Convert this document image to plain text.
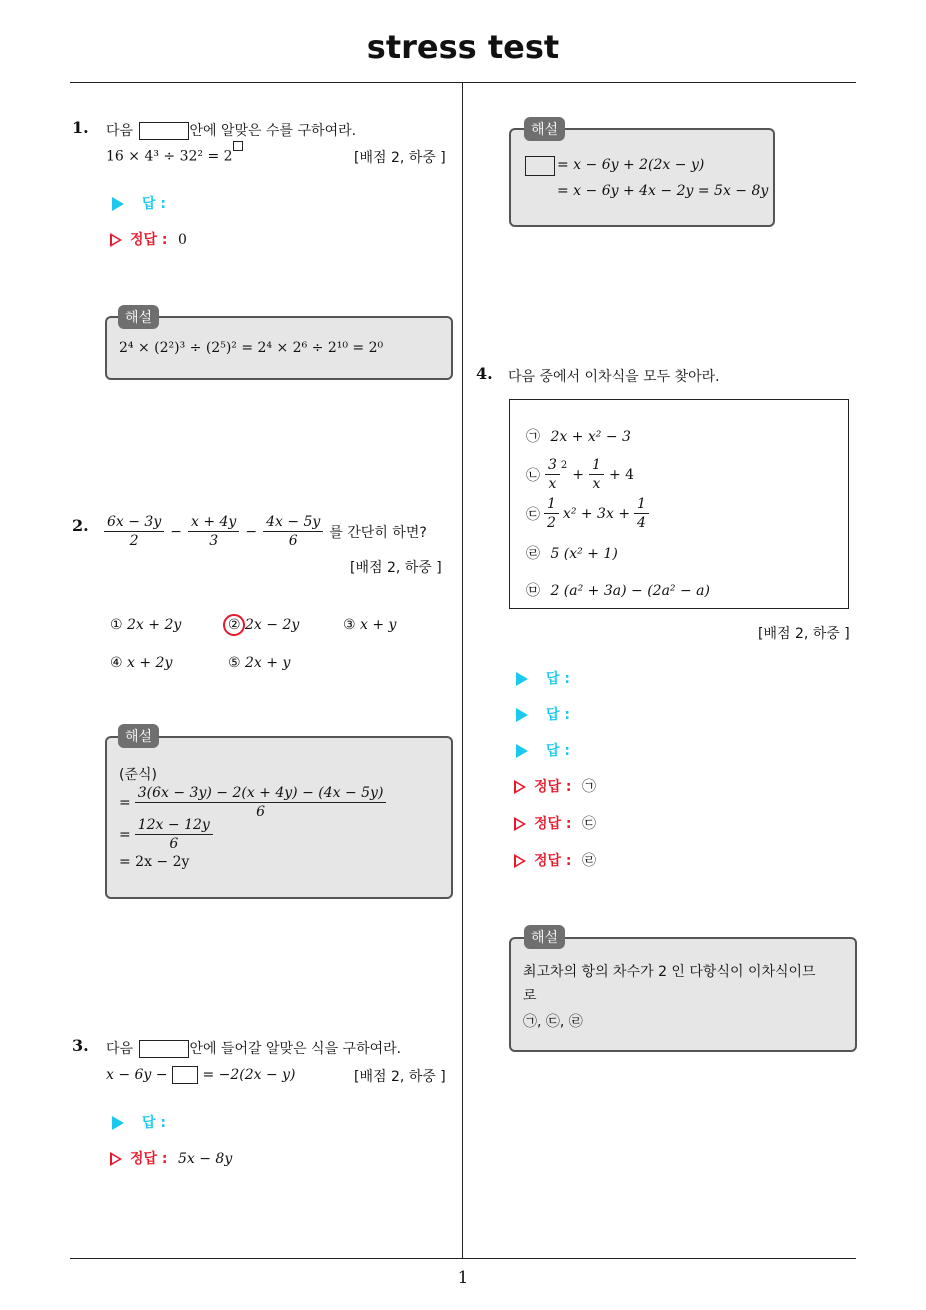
stress test
1
1. 다음	안에 알맞은 수를 구하여라.
16 × 4³ ÷ 32² = 2	[배점 2, 하중 ]
답 :
정답 : 0
2⁴ × (2²)³ ÷ (2⁵)² = 2⁴ × 2⁶ ÷ 2¹⁰ = 2⁰
해설
2. $\frac{6x - 3y}{2} - \frac{x + 4y}{3} - \frac{4x - 5y}{6}$ 를 간단히 하면?
[배점 2, 하중 ]
① 2x + 2y	② 2x − 2y	③ x + y
④ x + 2y	⑤ 2x + y
(준식)
= $\frac{3(6x - 3y) - 2(x + 4y) - (4x - 5y)}{6}$
= $\frac{12x - 12y}{6}$
= 2x − 2y
해설
3. 다음	안에 들어갈 알맞은 식을 구하여라.
x − 6y − = −2(2x − y)	[배점 2, 하중 ]
답 :
정답 : 5x − 8y
= x − 6y + 2(2x − y)
= x − 6y + 4x − 2y = 5x − 8y
해설
4. 다음 중에서 이차식을 모두 찾아라.
㉠ 2x + x² − 3
㉡ $\frac{3}{x}^2$
+ $\frac{1}{x} + 4$
㉢ $\frac{1}{2} x^2 + 3x + \frac{1}{4}$
㉣ 5 (x² + 1)
㉤ 2 (a² + 3a) − (2a² − a)
[배점 2, 하중 ]
답 :
답 :
답 :
정답 : ㉠
정답 : ㉢
정답 : ㉣
최고차의 항의 차수가 2 인 다항식이 이차식이므
로
㉠, ㉢, ㉣
해설
